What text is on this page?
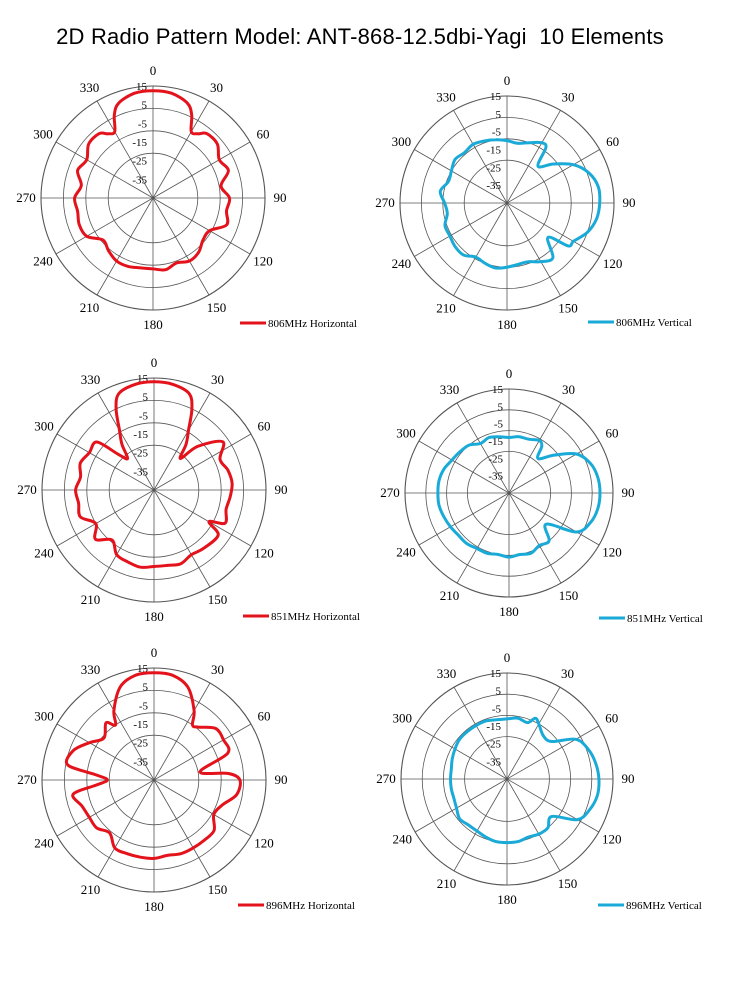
2D Radio Pattern Model: ANT-868-12.5dbi-Yagi  10 Elements
0
30
60
90
120
150
180
210
240
270
300
330	15
5
-5
-15
-25
-35
806MHz Horizontal
0
30
60
90
120
150
180
210
240
270
300
330	15
5
-5
-15
-25
-35
806MHz Vertical
0
30
60
90
120
150
180
210
240
270
300
330	15
5
-5
-15
-25
-35
851MHz Horizontal
0
30
60
90
120
150
180
210
240
270
300
330	15
5
-5
-15
-25
-35
851MHz Vertical
0
30
60
90
120
150
180
210
240
270
300
330	15
5
-5
-15
-25
-35
896MHz Horizontal
0
30
60
90
120
150
180
210
240
270
300
330	15
5
-5
-15
-25
-35
896MHz Vertical
